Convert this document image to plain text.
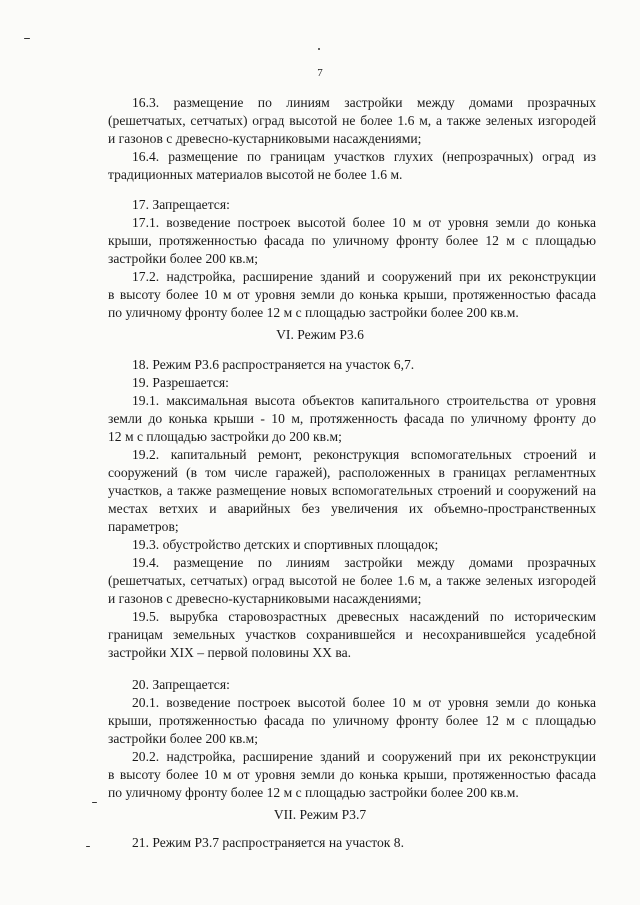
7
16.3. размещение по линиям застройки между домами прозрачных
(решетчатых, сетчатых) оград высотой не более 1.6 м, а также зеленых изгородей
и газонов с древесно-кустарниковыми насаждениями;
16.4. размещение по границам участков глухих (непрозрачных) оград из
традиционных материалов высотой не более 1.6 м.
17. Запрещается:
17.1. возведение построек высотой более 10 м от уровня земли до конька
крыши, протяженностью фасада по уличному фронту более 12 м с площадью
застройки более 200 кв.м;
17.2. надстройка, расширение зданий и сооружений при их реконструкции
в высоту более 10 м от уровня земли до конька крыши, протяженностью фасада
по уличному фронту более 12 м с площадью застройки более 200 кв.м.
VI. Режим Р3.6
18. Режим Р3.6 распространяется на участок 6,7.
19. Разрешается:
19.1. максимальная высота объектов капитального строительства от уровня
земли до конька крыши - 10 м, протяженность фасада по уличному фронту до
12 м с площадью застройки до 200 кв.м;
19.2. капитальный ремонт, реконструкция вспомогательных строений и
сооружений (в том числе гаражей), расположенных в границах регламентных
участков, а также размещение новых вспомогательных строений и сооружений на
местах ветхих и аварийных без увеличения их объемно-пространственных
параметров;
19.3. обустройство детских и спортивных площадок;
19.4. размещение по линиям застройки между домами прозрачных
(решетчатых, сетчатых) оград высотой не более 1.6 м, а также зеленых изгородей
и газонов с древесно-кустарниковыми насаждениями;
19.5. вырубка старовозрастных древесных насаждений по историческим
границам земельных участков сохранившейся и несохранившейся усадебной
застройки XIX – первой половины XX ва.
20. Запрещается:
20.1. возведение построек высотой более 10 м от уровня земли до конька
крыши, протяженностью фасада по уличному фронту более 12 м с площадью
застройки более 200 кв.м;
20.2. надстройка, расширение зданий и сооружений при их реконструкции
в высоту более 10 м от уровня земли до конька крыши, протяженностью фасада
по уличному фронту более 12 м с площадью застройки более 200 кв.м.
VII. Режим Р3.7
21. Режим Р3.7 распространяется на участок 8.
